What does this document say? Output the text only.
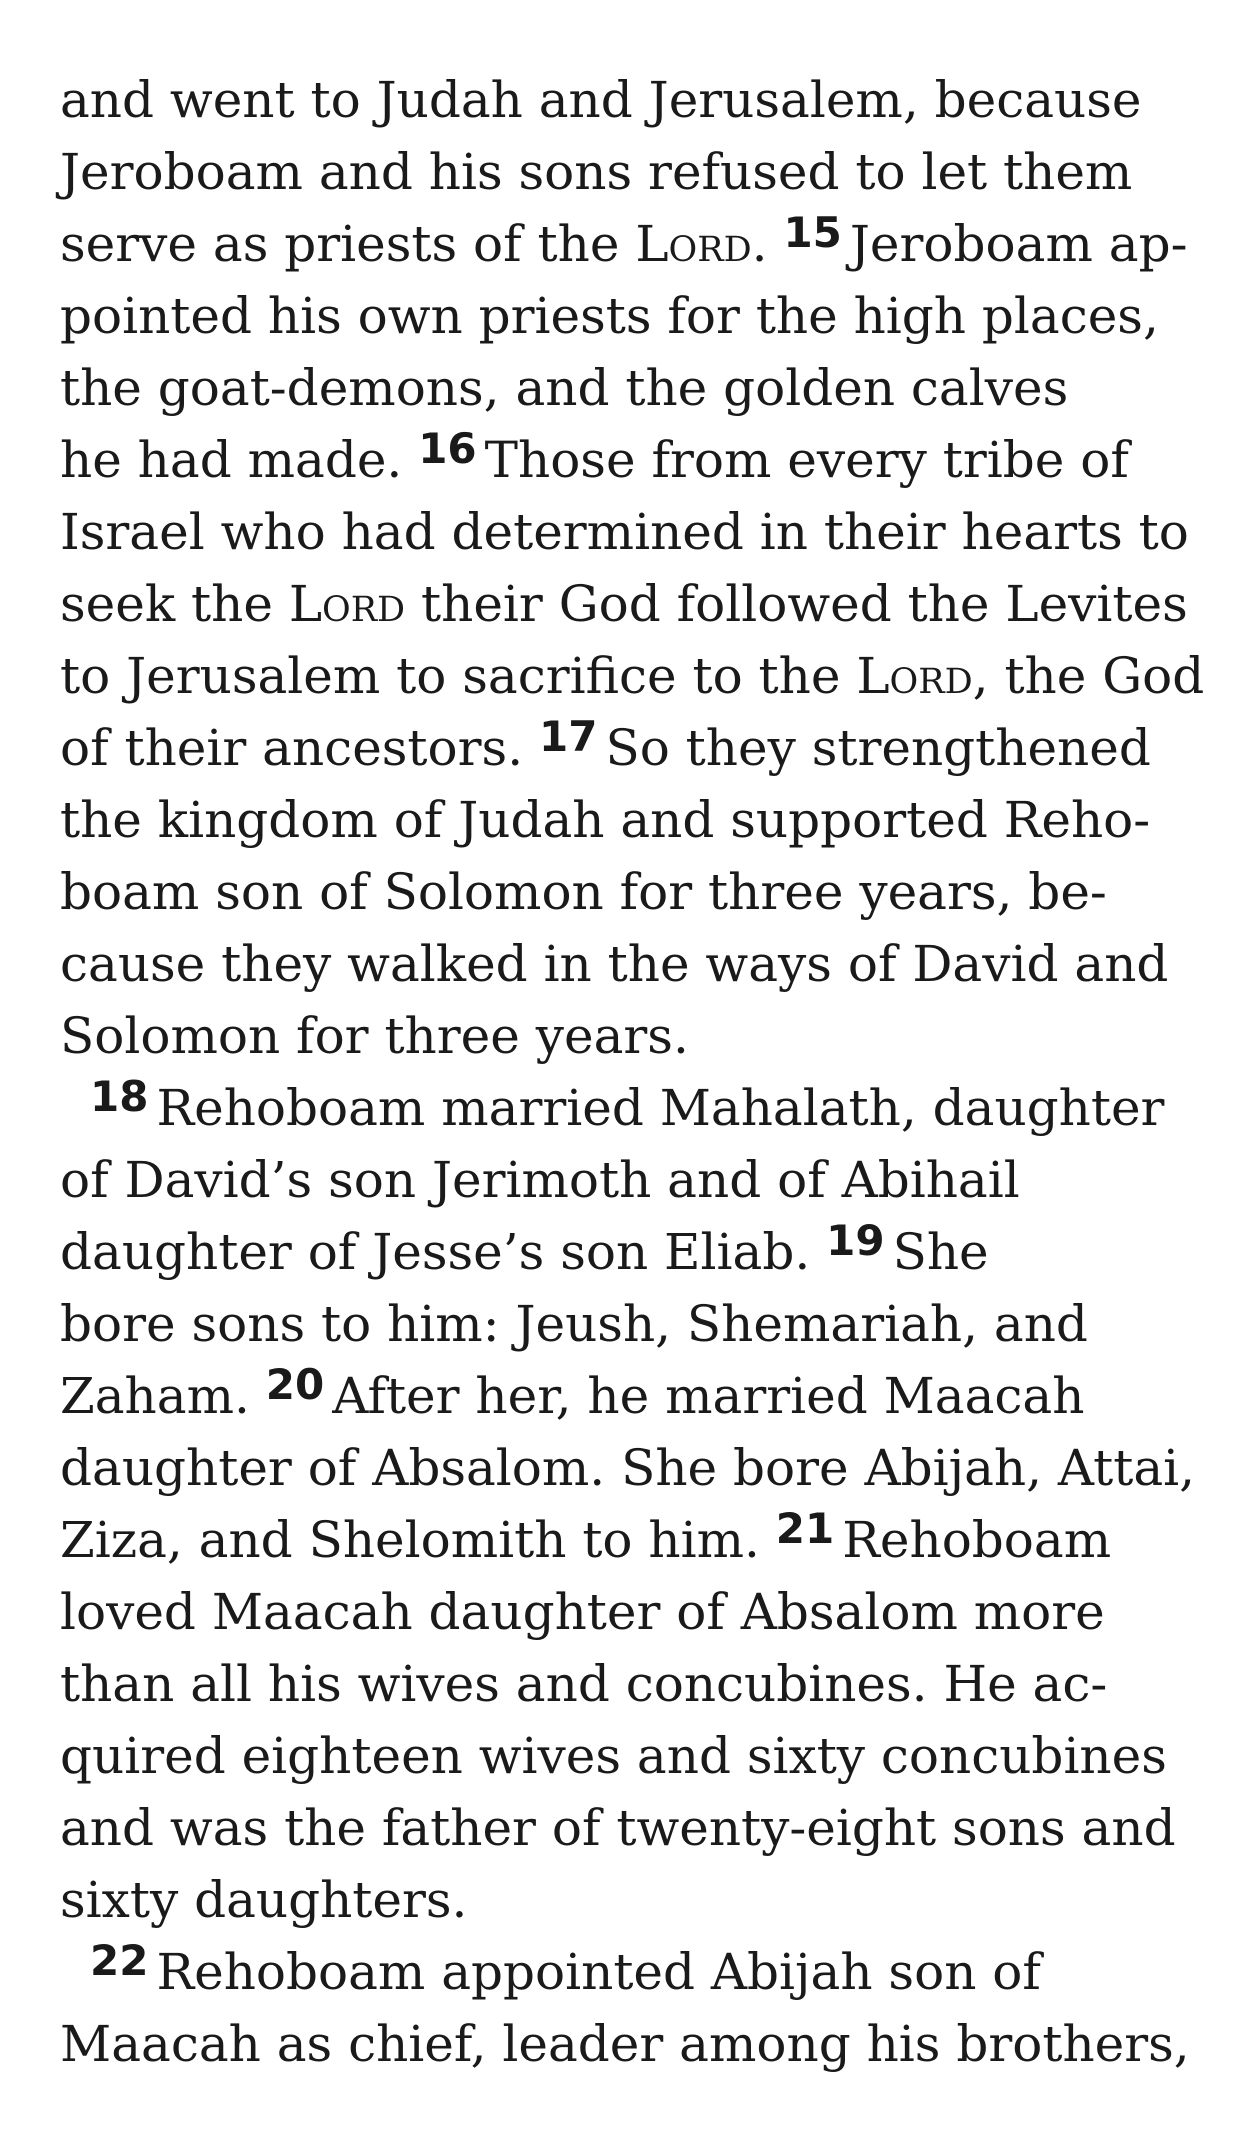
and went to Judah and Jerusalem, because
Jeroboam and his sons refused to let them
serve as priests of the Lord. $^{15}$ Jeroboam ap-
pointed his own priests for the high places,
the goat-demons, and the golden calves
he had made. $^{16}$ Those from every tribe of
Israel who had determined in their hearts to
seek the Lord their God followed the Levites
to Jerusalem to sacrifice to the Lord, the God
of their ancestors. $^{17}$ So they strengthened
the kingdom of Judah and supported Reho-
boam son of Solomon for three years, be-
cause they walked in the ways of David and
Solomon for three years.
$^{18}$ Rehoboam married Mahalath, daughter
of David’s son Jerimoth and of Abihail
daughter of Jesse’s son Eliab. $^{19}$ She
bore sons to him: Jeush, Shemariah, and
Zaham. $^{20}$ After her, he married Maacah
daughter of Absalom. She bore Abijah, Attai,
Ziza, and Shelomith to him. $^{21}$ Rehoboam
loved Maacah daughter of Absalom more
than all his wives and concubines. He ac-
quired eighteen wives and sixty concubines
and was the father of twenty-eight sons and
sixty daughters.
$^{22}$ Rehoboam appointed Abijah son of
Maacah as chief, leader among his brothers,
